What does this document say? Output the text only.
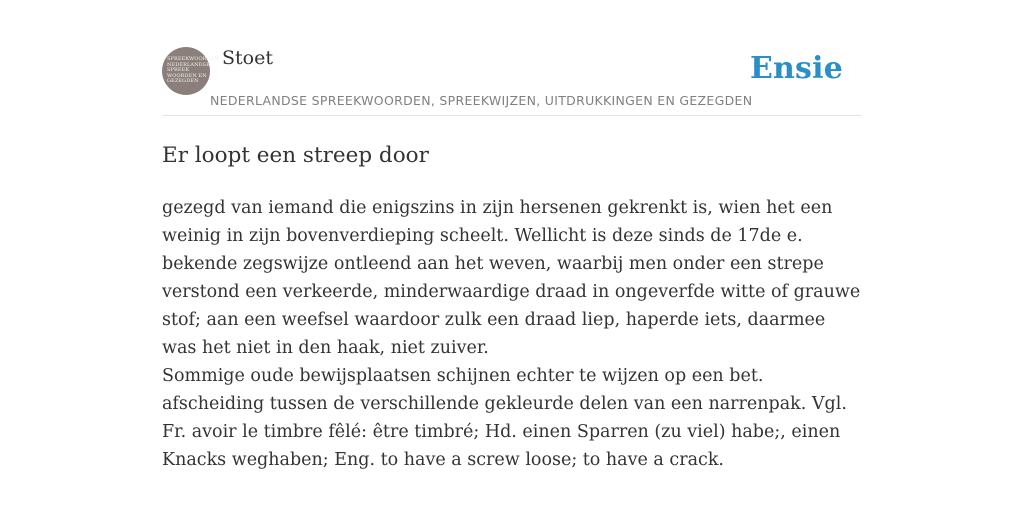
SPREEKWOORDEN
NEDERLANDSE
SPREEK
WOORDEN EN
GEZEGDEN
Stoet
NEDERLANDSE SPREEKWOORDEN, SPREEKWIJZEN, UITDRUKKINGEN EN GEZEGDEN
Ensie
Er loopt een streep door

gezegd van iemand die enigszins in zijn hersenen gekrenkt is, wien het een weinig in zijn bovenverdieping scheelt. Wellicht is deze sinds de 17de e. bekende zegswijze ontleend aan het weven, waarbij men onder een strepe verstond een verkeerde, minderwaardige draad in ongeverfde witte of grauwe stof; aan een weefsel waardoor zulk een draad liep, haperde iets, daarmee was het niet in den haak, niet zuiver.

Sommige oude bewijsplaatsen schijnen echter te wijzen op een bet. afscheiding tussen de verschillende gekleurde delen van een narrenpak. Vgl. Fr. avoir le timbre fêlé: être timbré; Hd. einen Sparren (zu viel) habe;, einen Knacks weghaben; Eng. to have a screw loose; to have a crack.
